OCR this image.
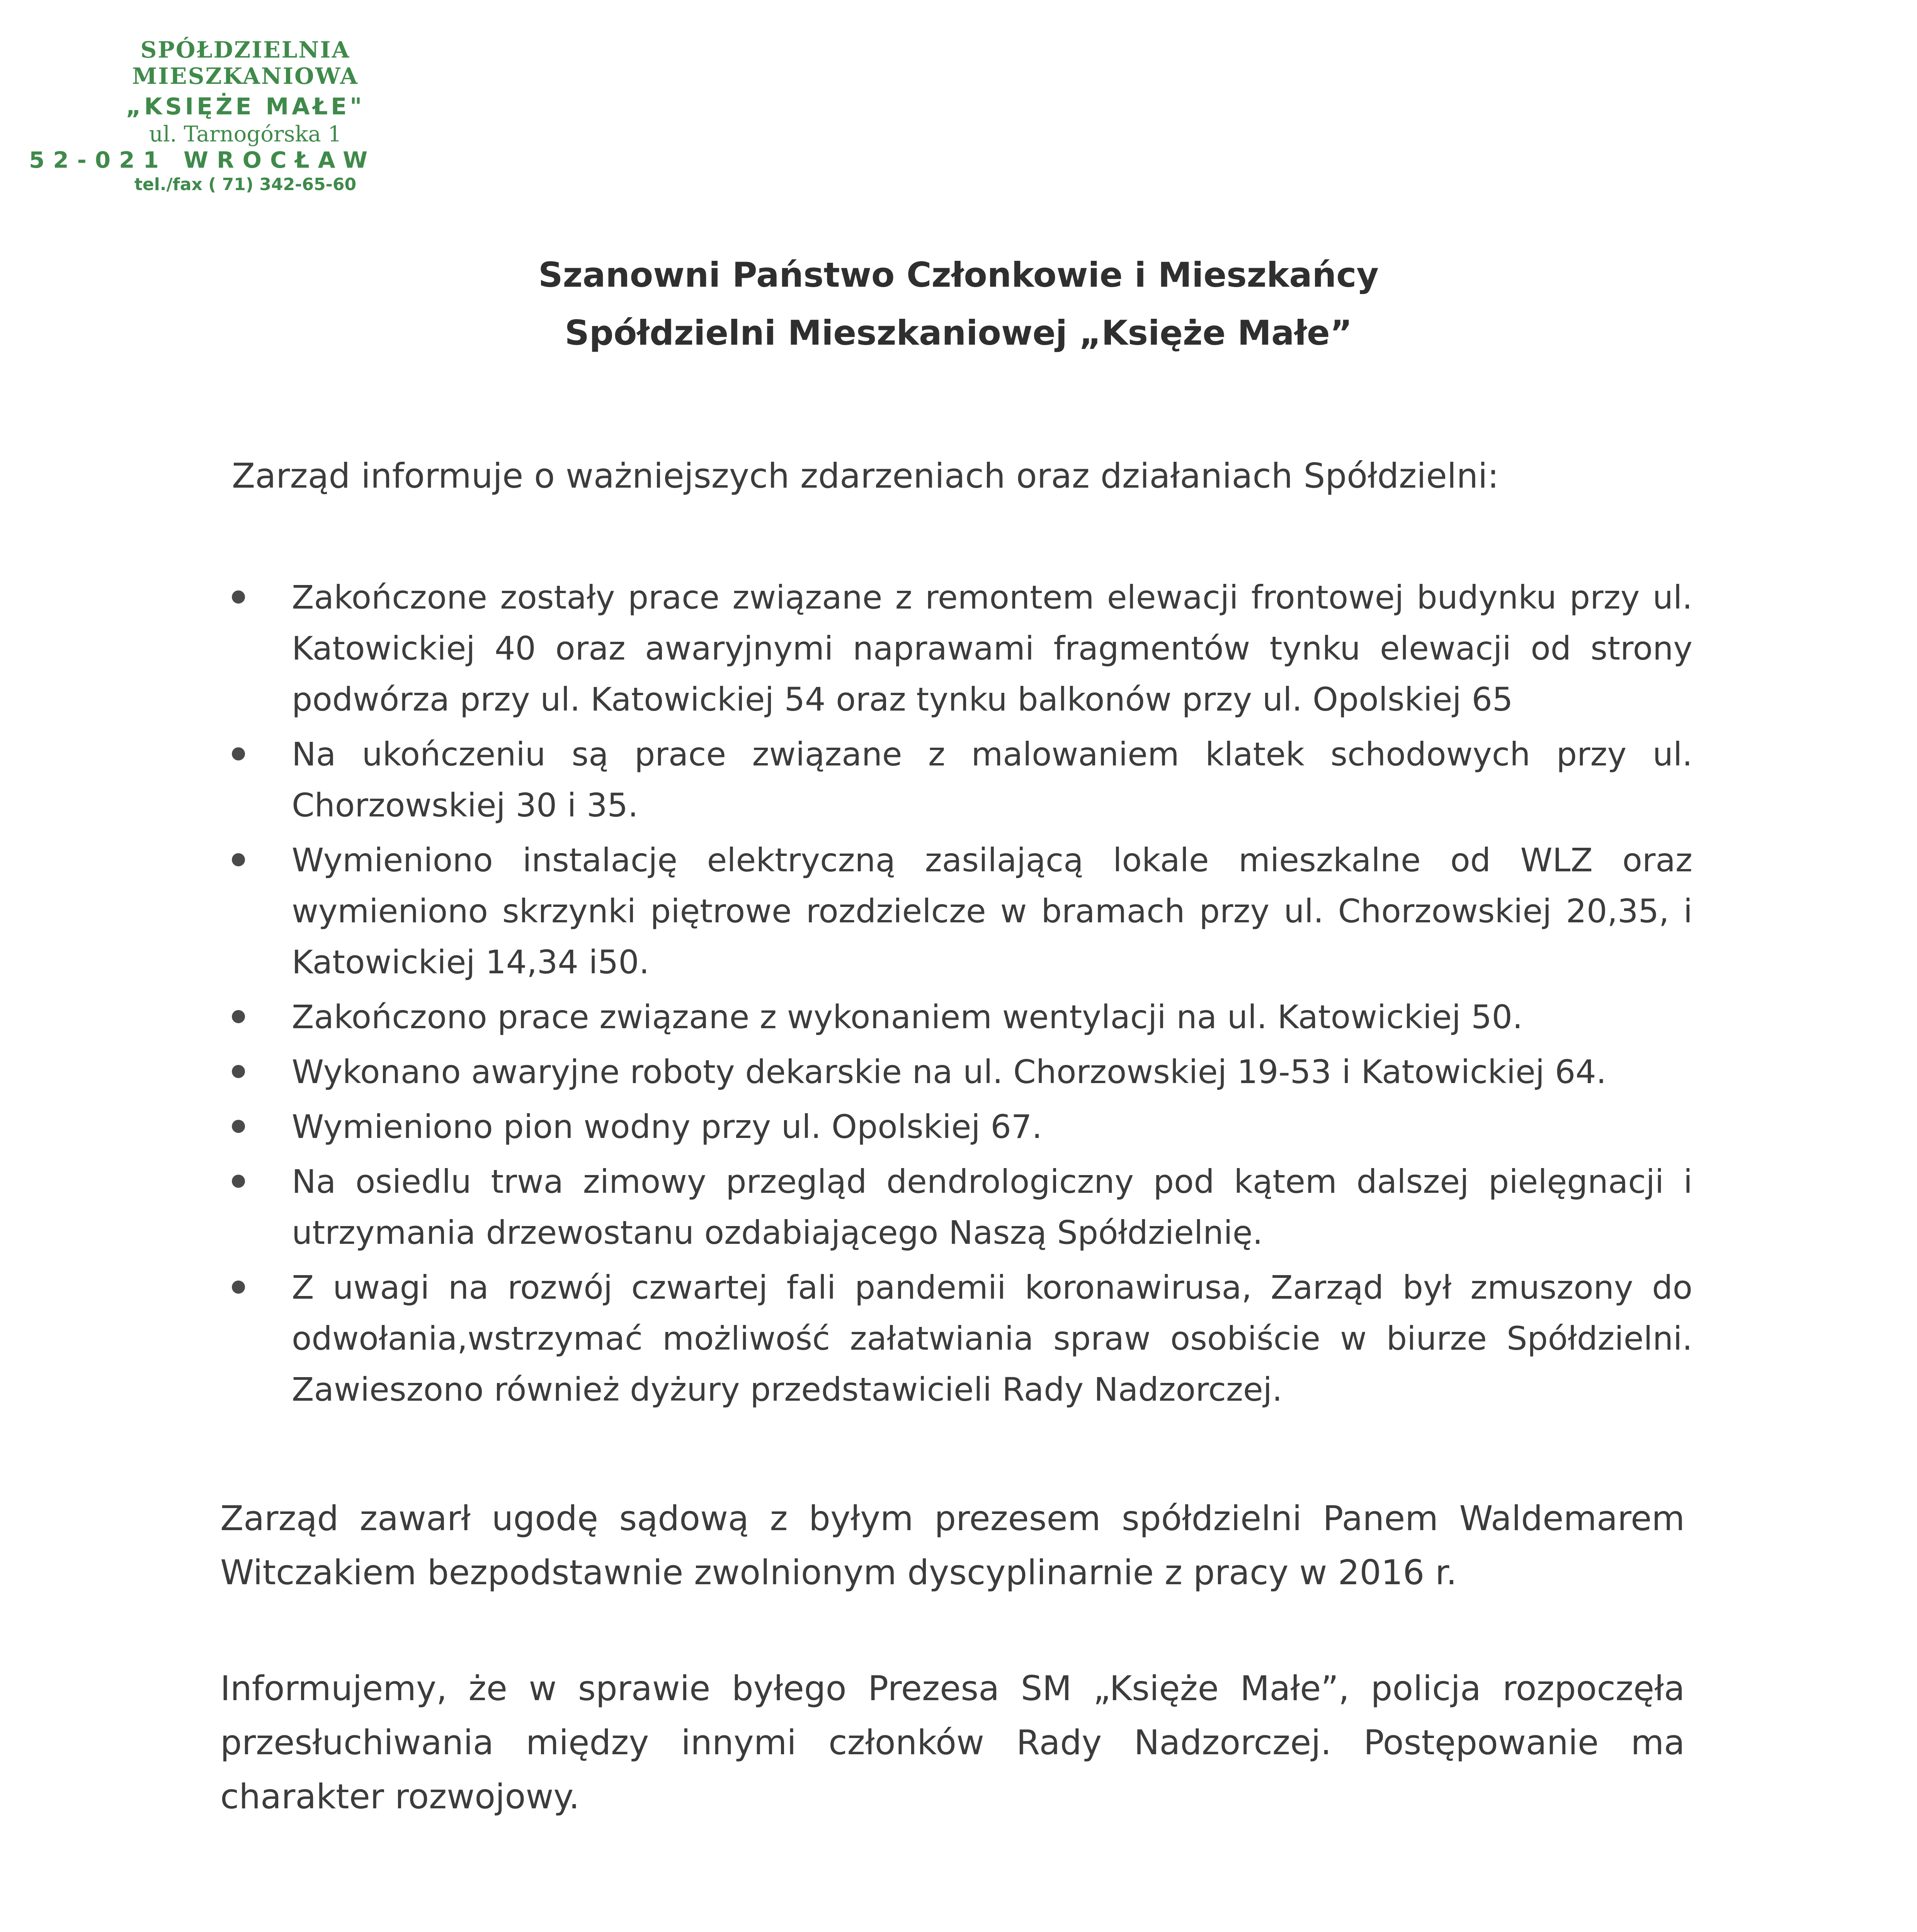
SPÓŁDZIELNIA MIESZKANIOWA
„KSIĘŻE MAŁE"
ul. Tarnogórska 1
52-021 WROCŁAW
tel./fax ( 71) 342-65-60
Szanowni Państwo Członkowie i Mieszkańcy
Spółdzielni Mieszkaniowej „Księże Małe”
Zarząd informuje o ważniejszych zdarzeniach oraz działaniach Spółdzielni:
Zakończone zostały prace związane z remontem elewacji frontowej budynku przy ul. Katowickiej 40 oraz awaryjnymi naprawami fragmentów tynku elewacji od strony podwórza przy ul. Katowickiej 54 oraz tynku balkonów przy ul. Opolskiej 65
Na ukończeniu są prace związane z malowaniem klatek schodowych przy ul. Chorzowskiej 30 i 35.
Wymieniono instalację elektryczną zasilającą lokale mieszkalne od WLZ oraz wymieniono skrzynki piętrowe rozdzielcze w bramach przy ul. Chorzowskiej 20,35, i Katowickiej 14,34 i50.
Zakończono prace związane z wykonaniem wentylacji na ul. Katowickiej 50.
Wykonano awaryjne roboty dekarskie na ul. Chorzowskiej 19-53 i Katowickiej 64.
Wymieniono pion wodny przy ul. Opolskiej 67.
Na osiedlu trwa zimowy przegląd dendrologiczny pod kątem dalszej pielęgnacji i utrzymania drzewostanu ozdabiającego Naszą Spółdzielnię.
Z uwagi na rozwój czwartej fali pandemii koronawirusa, Zarząd był zmuszony do odwołania,wstrzymać możliwość załatwiania spraw osobiście w biurze Spółdzielni. Zawieszono również dyżury przedstawicieli Rady Nadzorczej.
Zarząd zawarł ugodę sądową z byłym prezesem spółdzielni Panem Waldemarem Witczakiem bezpodstawnie zwolnionym dyscyplinarnie z pracy w 2016 r.
Informujemy, że w sprawie byłego Prezesa SM „Księże Małe”, policja rozpoczęła przesłuchiwania między innymi członków Rady Nadzorczej. Postępowanie ma charakter rozwojowy.
